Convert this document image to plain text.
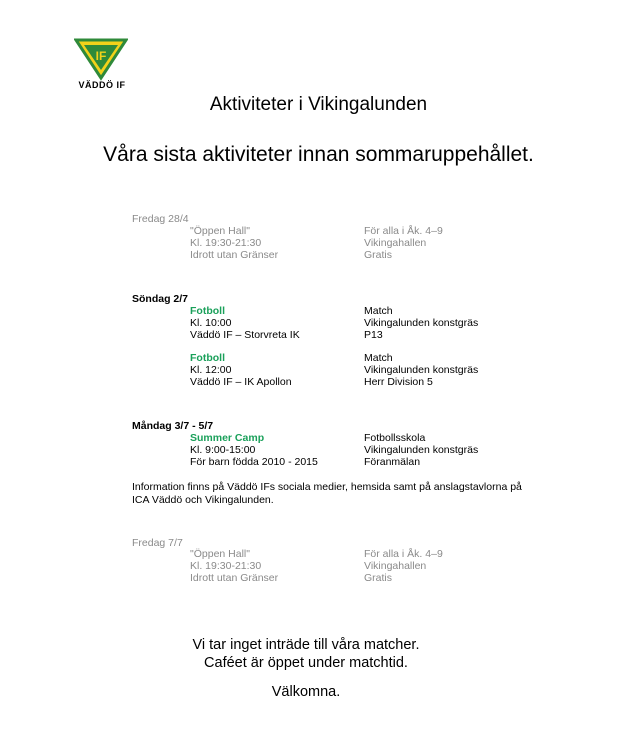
IF
VÄDDÖ IF
Aktiviteter i Vikingalunden
Våra sista aktiviteter innan sommaruppehållet.
Fredag 28/4
"Öppen Hall"
Kl. 19:30-21:30
Idrott utan Gränser
För alla i Åk. 4–9
Vikingahallen
Gratis
Söndag 2/7
Fotboll
Kl. 10:00
Väddö IF – Storvreta IK
Match
Vikingalunden konstgräs
P13
Fotboll
Kl. 12:00
Väddö IF – IK Apollon
Match
Vikingalunden konstgräs
Herr Division 5
Måndag 3/7 - 5/7
Summer Camp
Kl. 9:00-15:00
För barn födda 2010 - 2015
Fotbollsskola
Vikingalunden konstgräs
Föranmälan
Information finns på Väddö IFs sociala medier, hemsida samt på anslagstavlorna på ICA Väddö och Vikingalunden.
Fredag 7/7
"Öppen Hall"
Kl. 19:30-21:30
Idrott utan Gränser
För alla i Åk. 4–9
Vikingahallen
Gratis
Vi tar inget inträde till våra matcher.
Caféet är öppet under matchtid.
Välkomna.
